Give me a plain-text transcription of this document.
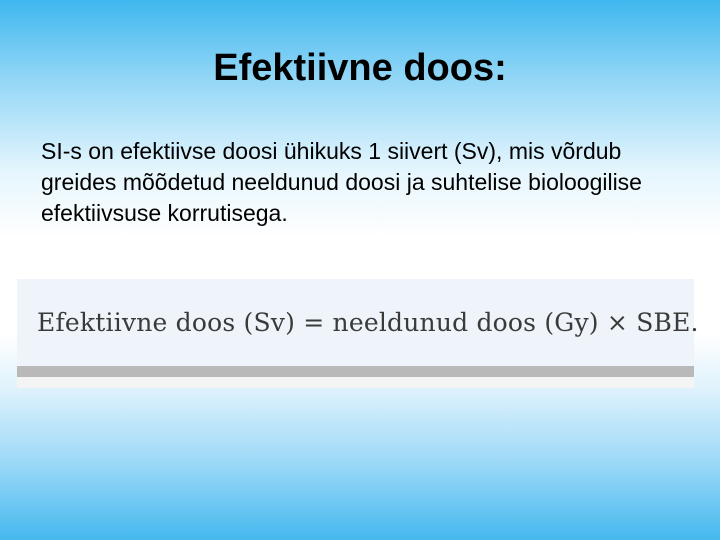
Efektiivne doos:

SI-s on efektiivse doosi ühikuks 1 siivert (Sv), mis võrdub greides mõõdetud neeldunud doosi ja suhtelise bioloogilise efektiivsuse korrutisega.

Efektiivne doos (Sv) = neeldunud doos (Gy) × SBE.
